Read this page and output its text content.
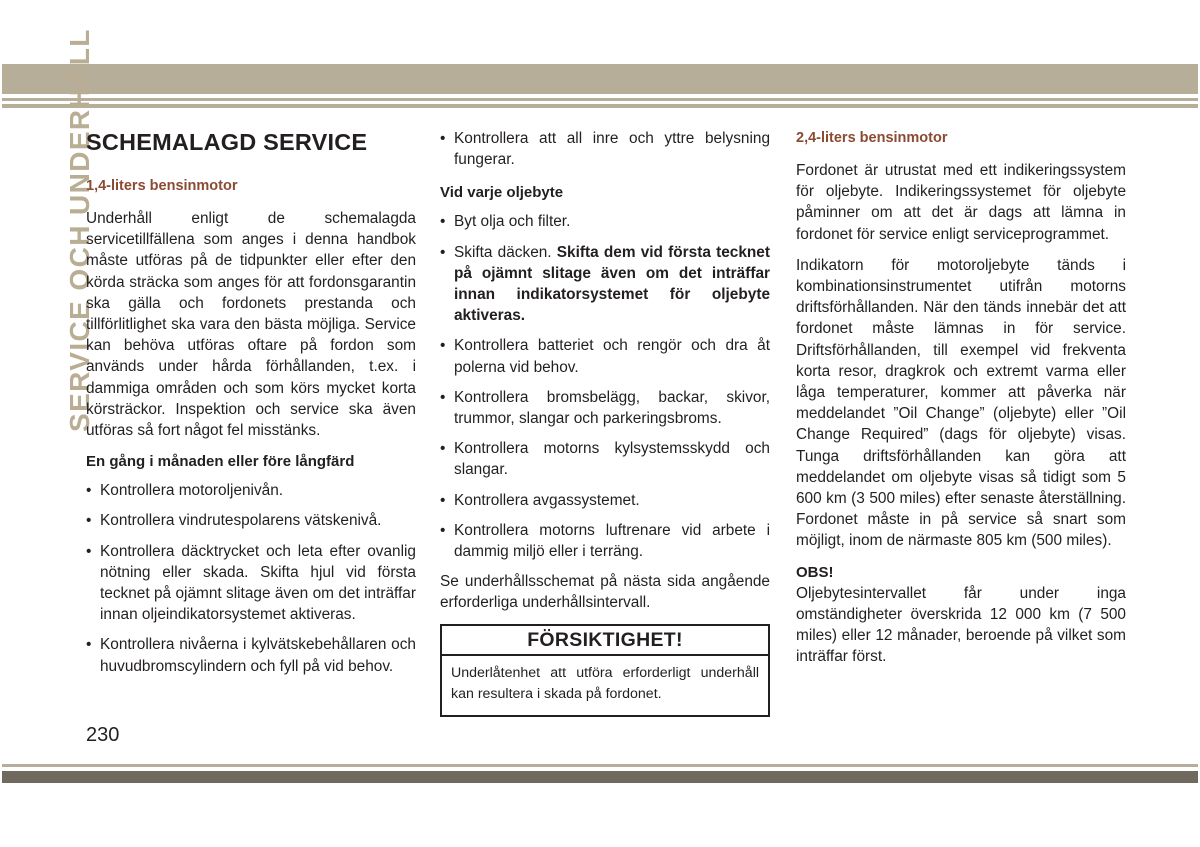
SERVICE OCH UNDERHÅLL
SCHEMALAGD SERVICE
1,4-liters bensinmotor

Underhåll enligt de schemalagda servicetillfällena som anges i denna handbok måste utföras på de tidpunkter eller efter den körda sträcka som anges för att fordonsgarantin ska gälla och fordonets prestanda och tillförlitlighet ska vara den bästa möjliga. Service kan behöva utföras oftare på fordon som används under hårda förhållanden, t.ex. i dammiga områden och som körs mycket korta körsträckor. Inspektion och service ska även utföras så fort något fel misstänks.

En gång i månaden eller före långfärd
• Kontrollera motoroljenivån.
• Kontrollera vindrutespolarens vätskenivå.
• Kontrollera däcktrycket och leta efter ovanlig nötning eller skada. Skifta hjul vid första tecknet på ojämnt slitage även om det inträffar innan oljeindikatorsystemet aktiveras.
• Kontrollera nivåerna i kylvätskebehållaren och huvudbromscylindern och fyll på vid behov.
• Kontrollera att all inre och yttre belysning fungerar.
Vid varje oljebyte
• Byt olja och filter.
• Skifta däcken. Skifta dem vid första tecknet på ojämnt slitage även om det inträffar innan indikatorsystemet för oljebyte aktiveras.
• Kontrollera batteriet och rengör och dra åt polerna vid behov.
• Kontrollera bromsbelägg, backar, skivor, trummor, slangar och parkeringsbroms.
• Kontrollera motorns kylsystemsskydd och slangar.
• Kontrollera avgassystemet.
• Kontrollera motorns luftrenare vid arbete i dammig miljö eller i terräng.

Se underhållsschemat på nästa sida angående erforderliga underhållsintervall.

FÖRSIKTIGHET!
Underlåtenhet att utföra erforderligt underhåll kan resultera i skada på fordonet.
2,4-liters bensinmotor

Fordonet är utrustat med ett indikeringssystem för oljebyte. Indikeringssystemet för oljebyte påminner om att det är dags att lämna in fordonet för service enligt serviceprogrammet.

Indikatorn för motoroljebyte tänds i kombinationsinstrumentet utifrån motorns driftsförhållanden. När den tänds innebär det att fordonet måste lämnas in för service. Driftsförhållanden, till exempel vid frekventa korta resor, dragkrok och extremt varma eller låga temperaturer, kommer att påverka när meddelandet ”Oil Change” (oljebyte) eller ”Oil Change Required” (dags för oljebyte) visas. Tunga driftsförhållanden kan göra att meddelandet om oljebyte visas så tidigt som 5 600 km (3 500 miles) efter senaste återställning. Fordonet måste in på service så snart som möjligt, inom de närmaste 805 km (500 miles).

OBS!

Oljebytesintervallet får under inga omständigheter överskrida 12 000 km (7 500 miles) eller 12 månader, beroende på vilket som inträffar först.

230
